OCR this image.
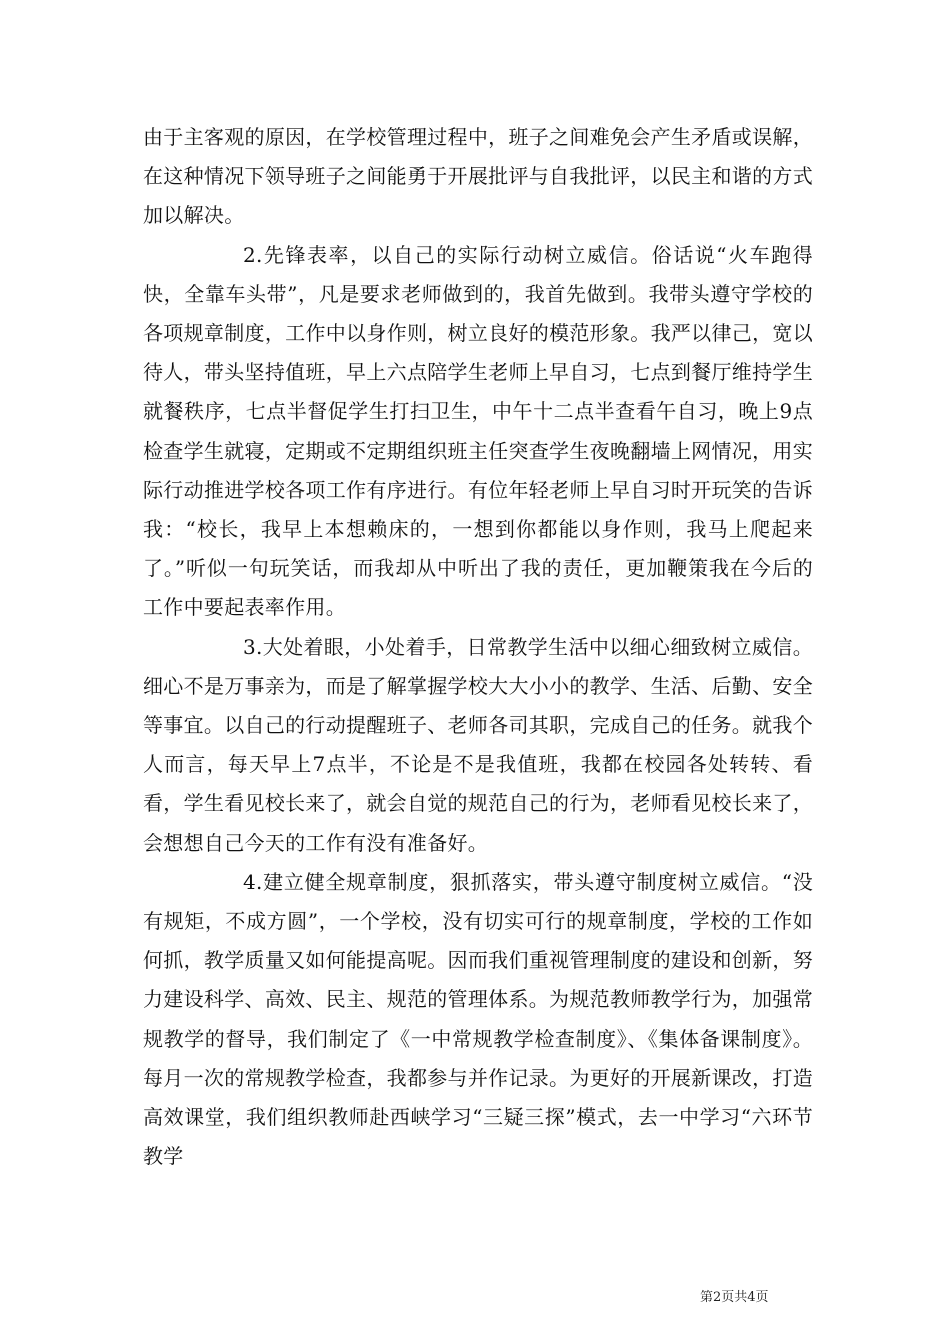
由于主客观的原因，在学校管理过程中，班子之间难免会产生矛盾或误解，在这种情况下领导班子之间能勇于开展批评与自我批评，以民主和谐的方式加以解决。

2.先锋表率，以自己的实际行动树立威信。俗话说“火车跑得快，全靠车头带”，凡是要求老师做到的，我首先做到。我带头遵守学校的各项规章制度，工作中以身作则，树立良好的模范形象。我严以律己，宽以待人，带头坚持值班，早上六点陪学生老师上早自习，七点到餐厅维持学生就餐秩序，七点半督促学生打扫卫生，中午十二点半查看午自习，晚上9点检查学生就寝，定期或不定期组织班主任突查学生夜晚翻墙上网情况，用实际行动推进学校各项工作有序进行。有位年轻老师上早自习时开玩笑的告诉我：“校长，我早上本想赖床的，一想到你都能以身作则，我马上爬起来了。”听似一句玩笑话，而我却从中听出了我的责任，更加鞭策我在今后的工作中要起表率作用。

3.大处着眼，小处着手，日常教学生活中以细心细致树立威信。细心不是万事亲为，而是了解掌握学校大大小小的教学、生活、后勤、安全等事宜。以自己的行动提醒班子、老师各司其职，完成自己的任务。就我个人而言，每天早上7点半，不论是不是我值班，我都在校园各处转转、看看，学生看见校长来了，就会自觉的规范自己的行为，老师看见校长来了，会想想自己今天的工作有没有准备好。

4.建立健全规章制度，狠抓落实，带头遵守制度树立威信。“没有规矩，不成方圆”，一个学校，没有切实可行的规章制度，学校的工作如何抓，教学质量又如何能提高呢。因而我们重视管理制度的建设和创新，努力建设科学、高效、民主、规范的管理体系。为规范教师教学行为，加强常规教学的督导，我们制定了《一中常规教学检查制度》、《集体备课制度》。每月一次的常规教学检查，我都参与并作记录。为更好的开展新课改，打造高效课堂，我们组织教师赴西峡学习“三疑三探”模式，去一中学习“六环节教学

第2页共4页
